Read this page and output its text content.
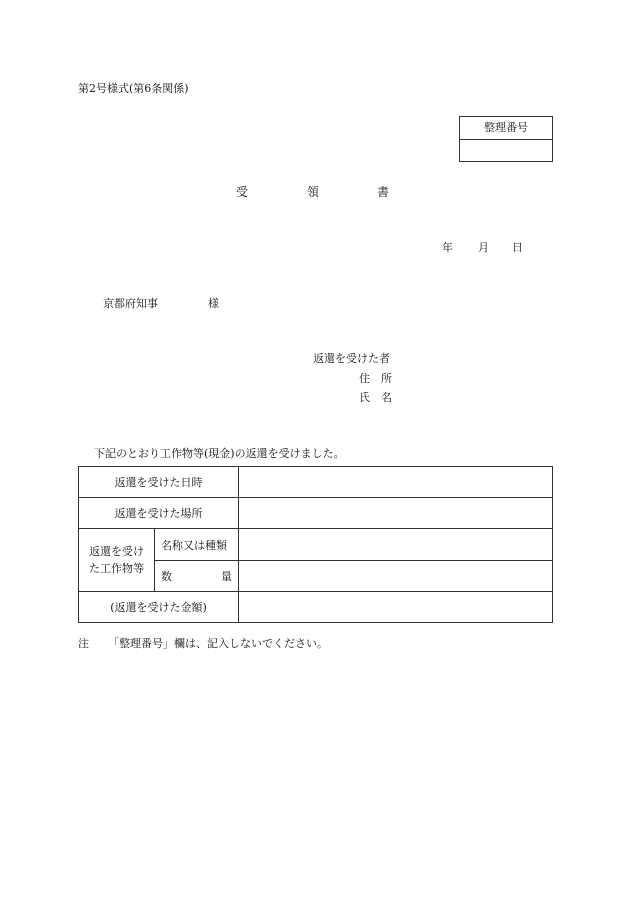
第2号様式(第6条関係)
整理番号
受	領	書
年 月 日
京都府知事	様
返還を受けた者
住 所
氏 名
下記のとおり工作物等(現金)の返還を受けました。
返還を受けた日時		
返還を受けた場所		

返還を受け
た工作物等	名称又は種類	

	数 量	

(返還を受けた金額)		
注 「整理番号」欄は、記入しないでください。
